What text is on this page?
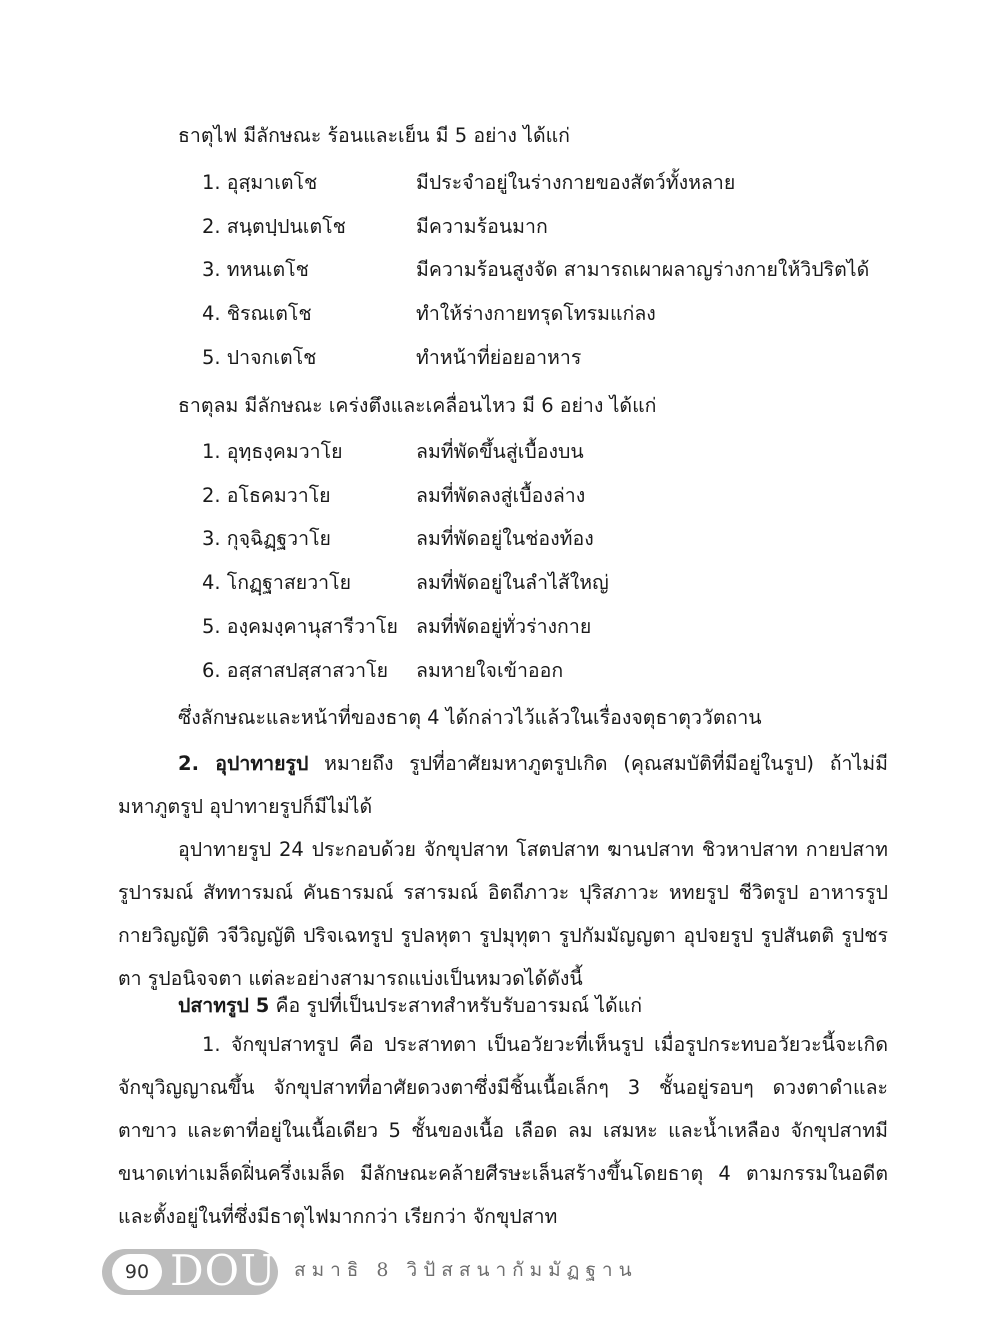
ธาตุไฟ มีลักษณะ ร้อนและเย็น มี 5 อย่าง ได้แก่
1. อุสฺมาเตโช	มีประจำอยู่ในร่างกายของสัตว์ทั้งหลาย
2. สนฺตปฺปนเตโช	มีความร้อนมาก
3. ทหนเตโช	มีความร้อนสูงจัด สามารถเผาผลาญร่างกายให้วิปริตได้
4. ชิรณเตโช	ทำให้ร่างกายทรุดโทรมแก่ลง
5. ปาจกเตโช	ทำหน้าที่ย่อยอาหาร
ธาตุลม มีลักษณะ เคร่งตึงและเคลื่อนไหว มี 6 อย่าง ได้แก่
1. อุทฺธงฺคมวาโย	ลมที่พัดขึ้นสู่เบื้องบน
2. อโธคมวาโย	ลมที่พัดลงสู่เบื้องล่าง
3. กุจฺฉิฏฺฐวาโย	ลมที่พัดอยู่ในช่องท้อง
4. โกฏฺฐาสยวาโย	ลมที่พัดอยู่ในลำไส้ใหญ่
5. องฺคมงฺคานุสารีวาโย ลมที่พัดอยู่ทั่วร่างกาย
6. อสฺสาสปสฺสาสวาโย ลมหายใจเข้าออก
ซึ่งลักษณะและหน้าที่ของธาตุ 4 ได้กล่าวไว้แล้วในเรื่องจตุธาตุววัตถาน
2. อุปาทายรูป หมายถึง รูปที่อาศัยมหาภูตรูปเกิด (คุณสมบัติที่มีอยู่ในรูป) ถ้าไม่มีมหาภูตรูป อุปาทายรูปก็มีไม่ได้
อุปาทายรูป 24 ประกอบด้วย จักขุปสาท โสตปสาท ฆานปสาท ชิวหาปสาท กายปสาท รูปารมณ์ สัททารมณ์ คันธารมณ์ รสารมณ์ อิตถีภาวะ ปุริสภาวะ หทยรูป ชีวิตรูป อาหารรูป กายวิญญัติ วจีวิญญัติ ปริจเฉทรูป รูปลหุตา รูปมุทุตา รูปกัมมัญญตา อุปจยรูป รูปสันตติ รูปชรตา รูปอนิจจตา แต่ละอย่างสามารถแบ่งเป็นหมวดได้ดังนี้
ปสาทรูป 5 คือ รูปที่เป็นประสาทสำหรับรับอารมณ์ ได้แก่
1. จักขุปสาทรูป คือ ประสาทตา เป็นอวัยวะที่เห็นรูป เมื่อรูปกระทบอวัยวะนี้จะเกิดจักขุวิญญาณขึ้น จักขุปสาทที่อาศัยดวงตาซึ่งมีชิ้นเนื้อเล็กๆ 3 ชั้นอยู่รอบๆ ดวงตาดำและตาขาว และตาที่อยู่ในเนื้อเดียว 5 ชั้นของเนื้อ เลือด ลม เสมหะ และน้ำเหลือง จักขุปสาทมีขนาดเท่าเมล็ดฝิ่นครึ่งเมล็ด มีลักษณะคล้ายศีรษะเล็นสร้างขึ้นโดยธาตุ 4 ตามกรรมในอดีต และตั้งอยู่ในที่ซึ่งมีธาตุไฟมากกว่า เรียกว่า จักขุปสาท
90 DOU สมาธิ 8 วิปัสสนากัมมัฏฐาน
